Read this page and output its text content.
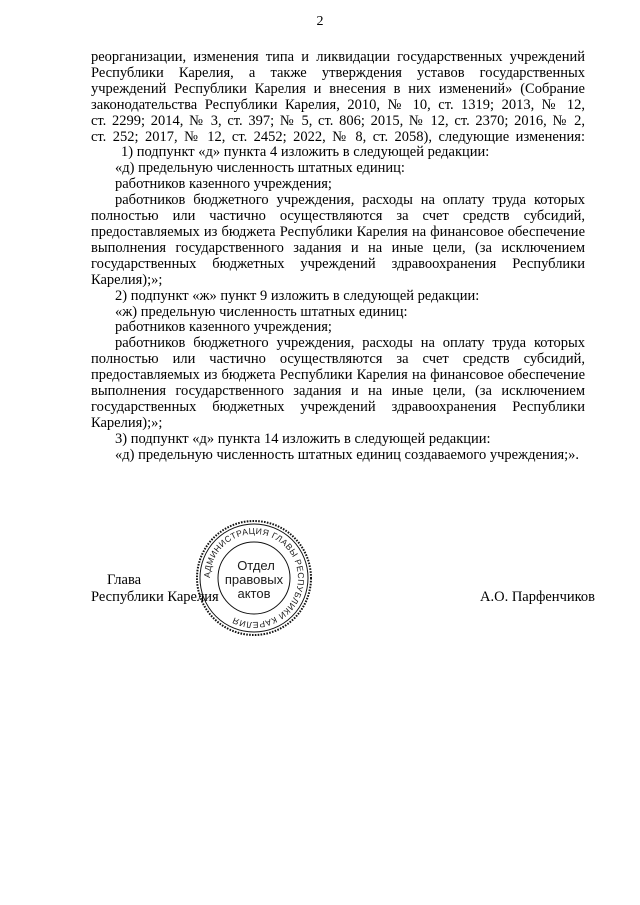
2

реорганизации, изменения типа и ликвидации государственных учреждений

Республики Карелия, а также утверждения уставов государственных

учреждений Республики Карелия и внесения в них изменений» (Собрание

законодательства Республики Карелия, 2010, № 10, ст. 1319; 2013, № 12,

ст. 2299; 2014, № 3, ст. 397; № 5, ст. 806; 2015, № 12, ст. 2370; 2016, № 2,

ст. 252; 2017, № 12, ст. 2452; 2022, № 8, ст. 2058), следующие изменения:

1) подпункт «д» пункта 4 изложить в следующей редакции:

«д) предельную численность штатных единиц:

работников казенного учреждения;

работников бюджетного учреждения, расходы на оплату труда которых полностью или частично осуществляются за счет средств субсидий, предоставляемых из бюджета Республики Карелия на финансовое обеспечение выполнения государственного задания и на иные цели, (за исключением государственных бюджетных учреждений здравоохранения Республики Карелия);»;

2) подпункт «ж» пункт 9 изложить в следующей редакции:

«ж) предельную численность штатных единиц:

работников казенного учреждения;

работников бюджетного учреждения, расходы на оплату труда которых полностью или частично осуществляются за счет средств субсидий, предоставляемых из бюджета Республики Карелия на финансовое обеспечение выполнения государственного задания и на иные цели, (за исключением государственных бюджетных учреждений здравоохранения Республики Карелия);»;

3) подпункт «д» пункта 14 изложить в следующей редакции:

«д) предельную численность штатных единиц создаваемого учреждения;».

Глава
Республики Карелия	А.О. Парфенчиков
АДМИНИСТРАЦИЯ ГЛАВЫ РЕСПУБЛИКИ КАРЕЛИЯ
Отдел
правовых
актов
